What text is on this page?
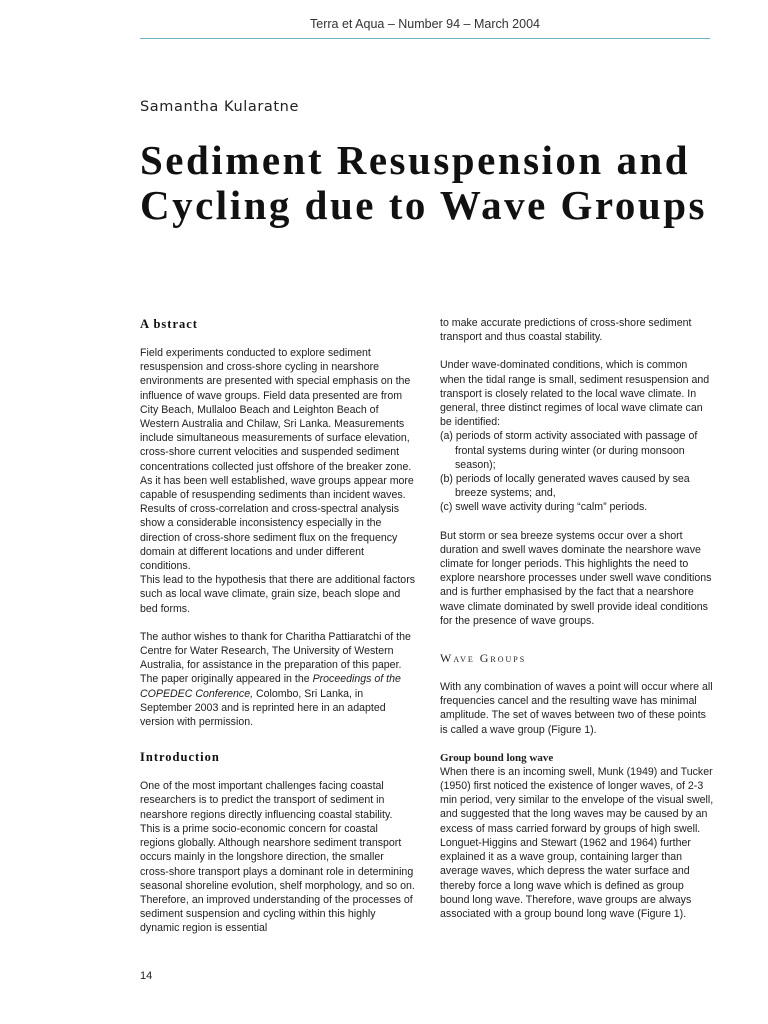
Terra et Aqua – Number 94 – March 2004
Samantha Kularatne
Sediment Resuspension and Cycling due to Wave Groups
A bstract

Field experiments conducted to explore sediment resuspension and cross-shore cycling in nearshore environments are presented with special emphasis on the influence of wave groups. Field data presented are from City Beach, Mullaloo Beach and Leighton Beach of Western Australia and Chilaw, Sri Lanka. Measurements include simultaneous measurements of surface elevation, cross-shore current velocities and suspended sediment concentrations collected just offshore of the breaker zone. As it has been well established, wave groups appear more capable of resuspending sediments than incident waves. Results of cross-correlation and cross-spectral analysis show a considerable inconsistency especially in the direction of cross-shore sediment flux on the frequency domain at different locations and under different conditions.

This lead to the hypothesis that there are additional factors such as local wave climate, grain size, beach slope and bed forms.

The author wishes to thank for Charitha Pattiaratchi of the Centre for Water Research, The University of Western Australia, for assistance in the preparation of this paper. The paper originally appeared in the Proceedings of the COPEDEC Conference, Colombo, Sri Lanka, in September 2003 and is reprinted here in an adapted version with permission.

Introduction

One of the most important challenges facing coastal researchers is to predict the transport of sediment in nearshore regions directly influencing coastal stability. This is a prime socio-economic concern for coastal regions globally. Although nearshore sediment transport occurs mainly in the longshore direction, the smaller cross-shore transport plays a dominant role in determining seasonal shoreline evolution, shelf morphology, and so on. Therefore, an improved understanding of the processes of sediment suspension and cycling within this highly dynamic region is essential

to make accurate predictions of cross-shore sediment transport and thus coastal stability.

Under wave-dominated conditions, which is common when the tidal range is small, sediment resuspension and transport is closely related to the local wave climate. In general, three distinct regimes of local wave climate can be identified:

(a) periods of storm activity associated with passage of frontal systems during winter (or during monsoon season);
(b) periods of locally generated waves caused by sea breeze systems; and,
(c) swell wave activity during “calm” periods.

But storm or sea breeze systems occur over a short duration and swell waves dominate the nearshore wave climate for longer periods. This highlights the need to explore nearshore processes under swell wave conditions and is further emphasised by the fact that a nearshore wave climate dominated by swell provide ideal conditions for the presence of wave groups.

Wave Groups

With any combination of waves a point will occur where all frequencies cancel and the resulting wave has minimal amplitude. The set of waves between two of these points is called a wave group (Figure 1).

Group bound long wave

When there is an incoming swell, Munk (1949) and Tucker (1950) first noticed the existence of longer waves, of 2-3 min period, very similar to the envelope of the visual swell, and suggested that the long waves may be caused by an excess of mass carried forward by groups of high swell. Longuet-Higgins and Stewart (1962 and 1964) further explained it as a wave group, containing larger than average waves, which depress the water surface and thereby force a long wave which is defined as group bound long wave. Therefore, wave groups are always associated with a group bound long wave (Figure 1).

14
